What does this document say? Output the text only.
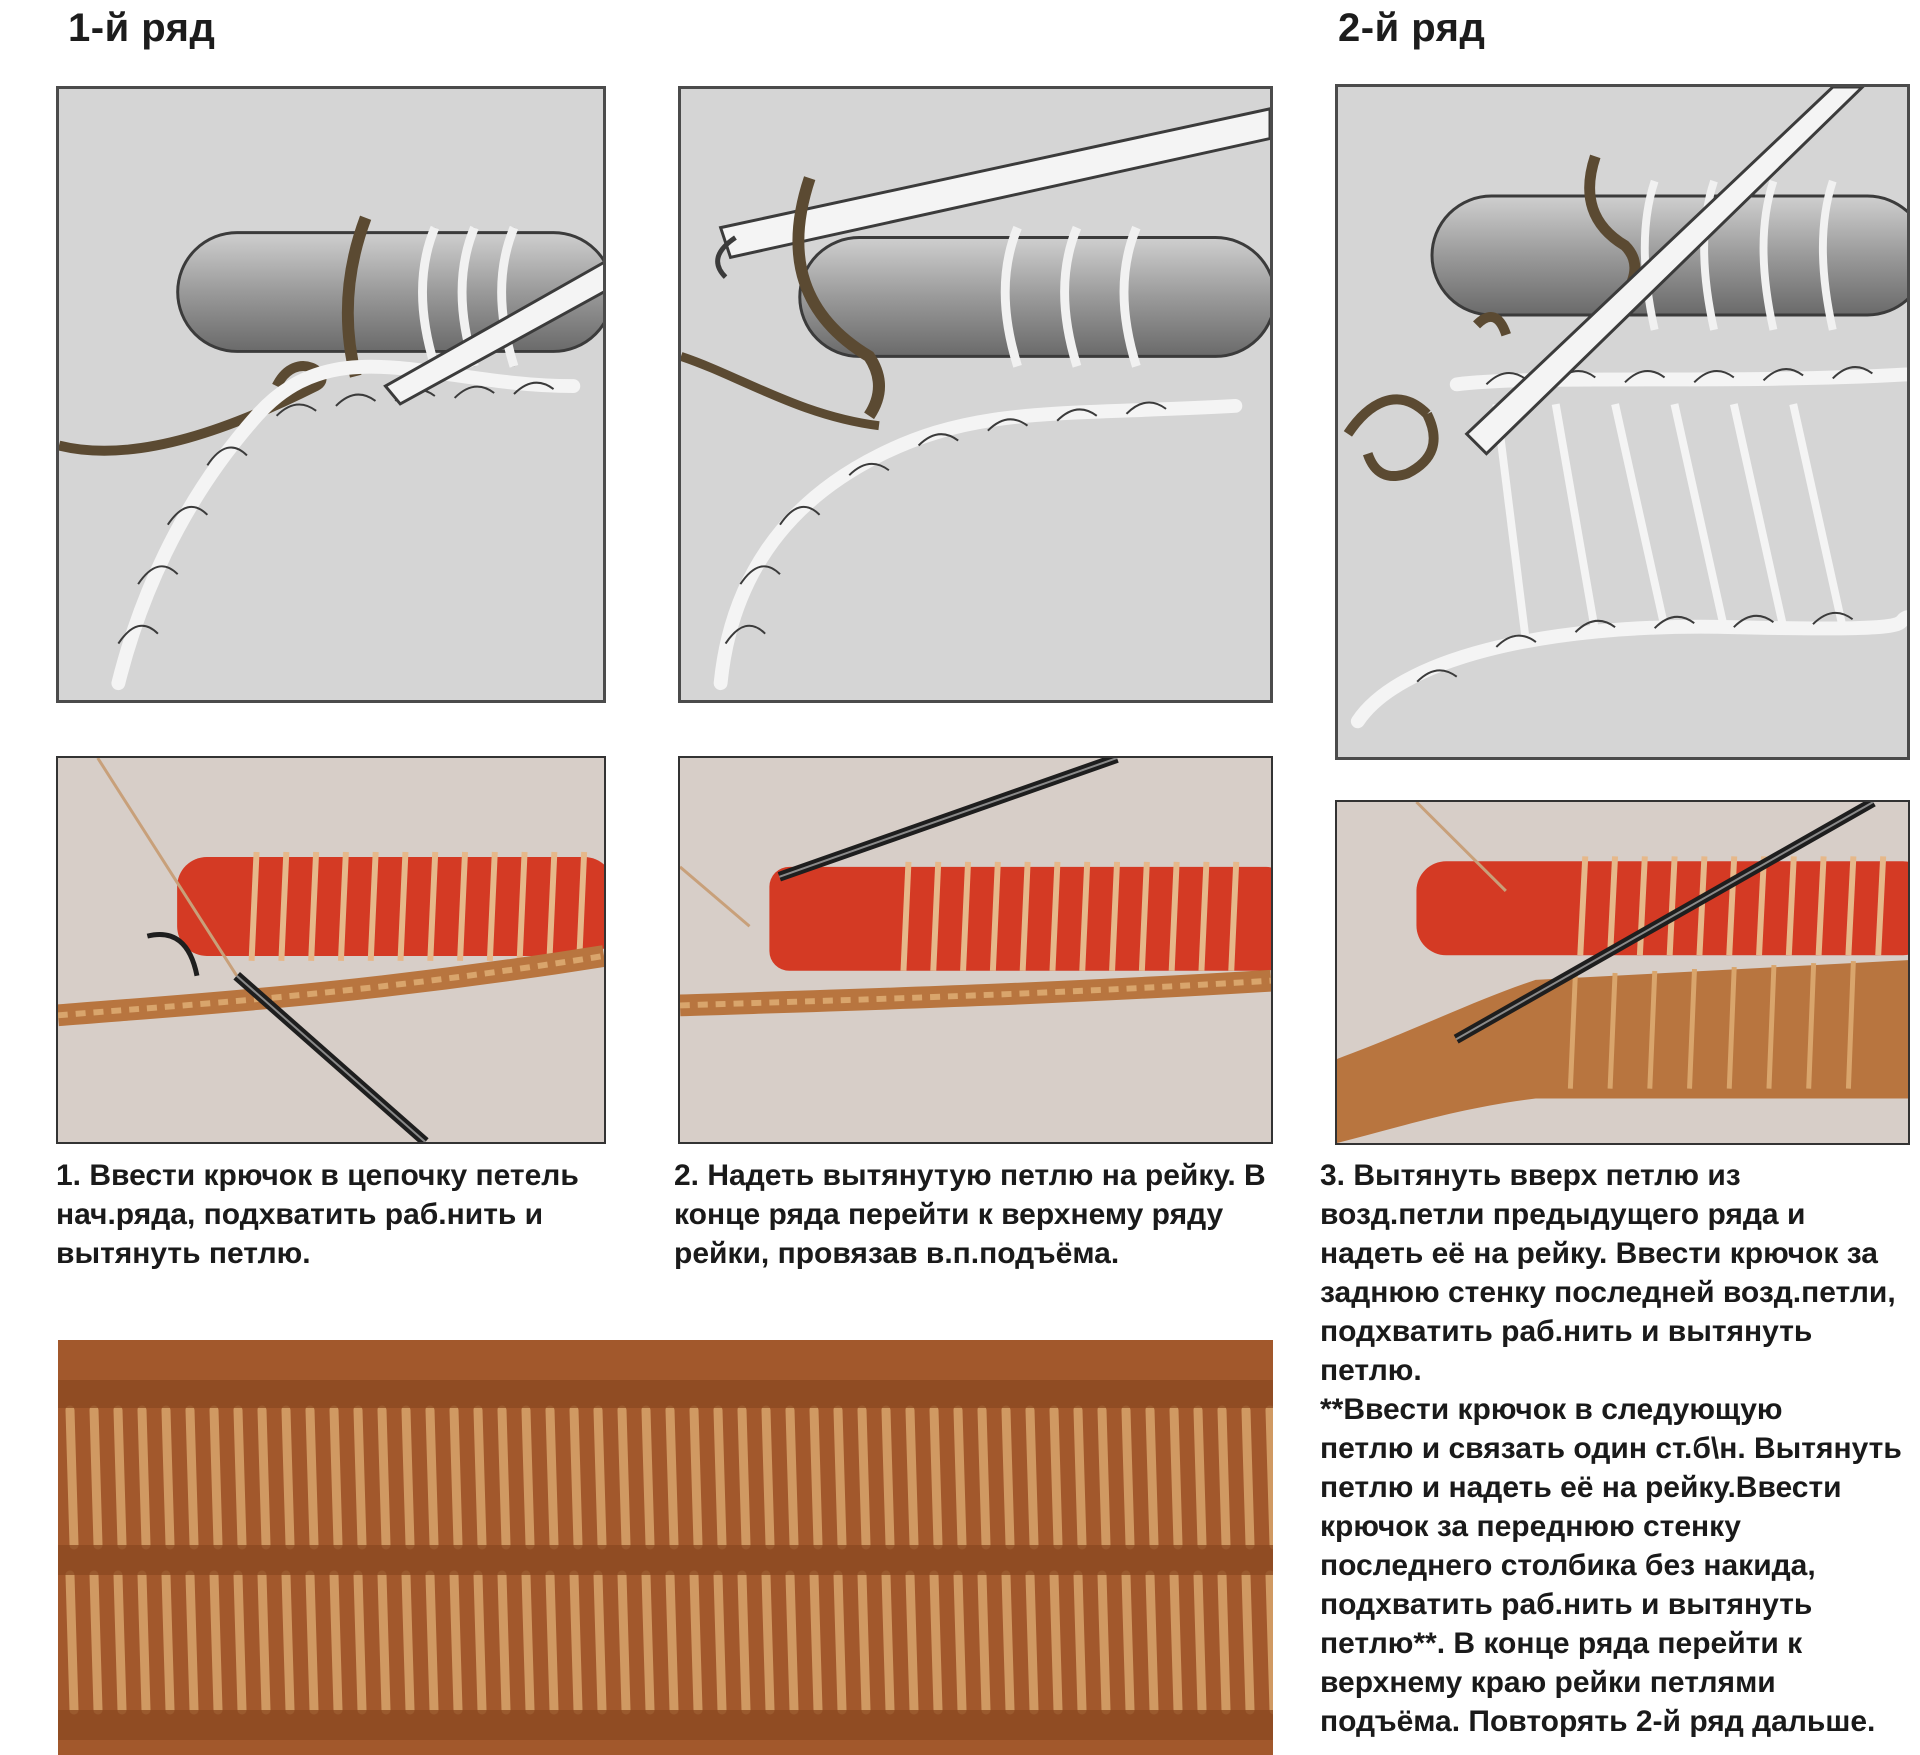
1-й ряд	2-й ряд

1. Ввести крючок в цепочку петель
нач.ряда, подхватить раб.нить и
вытянуть петлю.

2. Надеть вытянутую петлю на рейку. В
конце ряда перейти к верхнему ряду
рейки, провязав в.п.подъёма.

3. Вытянуть вверх петлю из
возд.петли предыдущего ряда и
надеть её на рейку. Ввести крючок за
заднюю стенку последней возд.петли,
подхватить раб.нить и вытянуть петлю.
**Ввести крючок в следующую
петлю и связать один ст.б\н. Вытянуть
петлю и надеть её на рейку.Ввести
крючок за переднюю стенку
последнего столбика без накида,
подхватить раб.нить и вытянуть
петлю**. В конце ряда перейти к
верхнему краю рейки петлями
подъёма. Повторять 2-й ряд дальше.
